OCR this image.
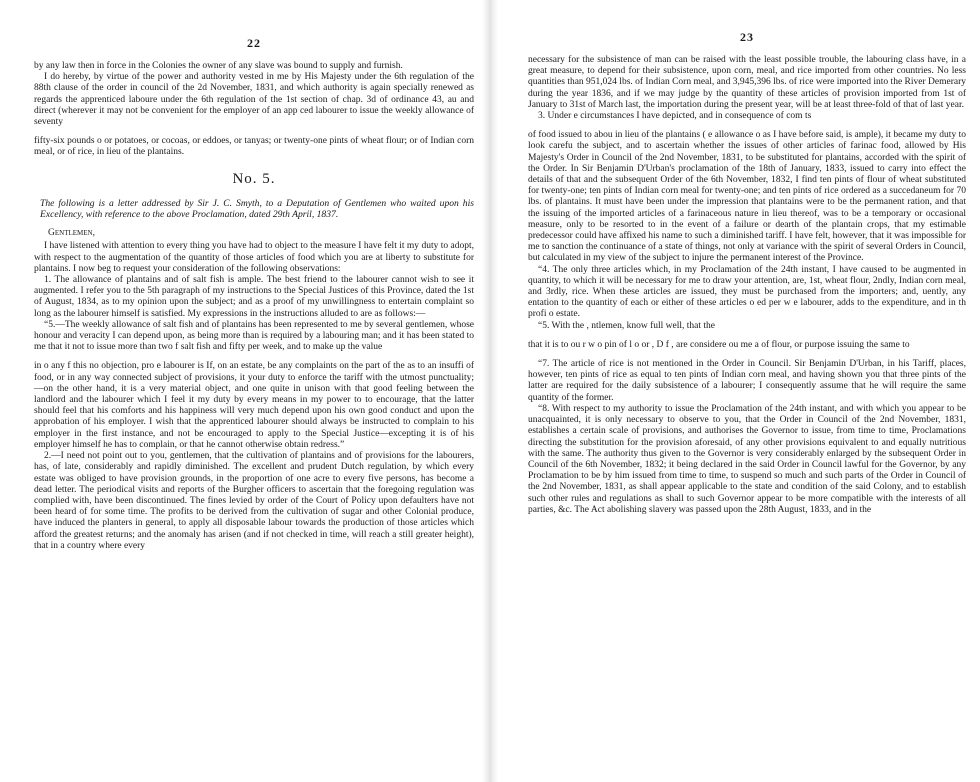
22

by any law then in force in the Colonies the owner of any slave was bound to supply and furnish.

I do hereby, by virtue of the power and authority vested in me by His Majesty under the 6th regulation of the 88th clause of the order in council of the 2d November, 1831, and which authority is again specially renewed as regards the apprenticed laboure under the 6th regulation of the 1st section of chap. 3d of ordinance 43, au and direct (wherever it may not be convenient for the employer of an app ced labourer to issue the weekly allowance of seventy

fifty-six pounds o or potatoes, or cocoas, or eddoes, or tanyas; or twenty-one pints of wheat flour; or of Indian corn meal, or of rice, in lieu of the plantains.

No. 5.

The following is a letter addressed by Sir J. C. Smyth, to a Deputation of Gentlemen who waited upon his Excellency, with reference to the above Proclamation, dated 29th April, 1837.

Gentlemen,

I have listened with attention to every thing you have had to object to the measure I have felt it my duty to adopt, with respect to the augmentation of the quantity of those articles of food which you are at liberty to substitute for plantains. I now beg to request your consideration of the following observations:

1. The allowance of plantains and of salt fish is ample. The best friend to the labourer cannot wish to see it augmented. I refer you to the 5th paragraph of my instructions to the Special Justices of this Province, dated the 1st of August, 1834, as to my opinion upon the subject; and as a proof of my unwillingness to entertain complaint so long as the labourer himself is satisfied. My expressions in the instructions alluded to are as follows:—

“5.—The weekly allowance of salt fish and of plantains has been represented to me by several gentlemen, whose honour and veracity I can depend upon, as being more than is required by a labouring man; and it has been stated to me that it not to issue more than two f salt fish and fifty per week, and to make up the value

in o any f this no objection, pro e labourer is If, on an estate, be any complaints on the part of the as to an insuffi of food, or in any way connected subject of provisions, it your duty to enforce the tariff with the utmost punctuality;—on the other hand, it is a very material object, and one quite in unison with that good feeling between the landlord and the labourer which I feel it my duty by every means in my power to to encourage, that the latter should feel that his comforts and his happiness will very much depend upon his own good conduct and upon the approbation of his employer. I wish that the apprenticed labourer should always be instructed to complain to his employer in the first instance, and not be encouraged to apply to the Special Justice—excepting it is of his employer himself he has to complain, or that he cannot otherwise obtain redress.”

2.—I need not point out to you, gentlemen, that the cultivation of plantains and of provisions for the labourers, has, of late, considerably and rapidly diminished. The excellent and prudent Dutch regulation, by which every estate was obliged to have provision grounds, in the proportion of one acre to every five persons, has become a dead letter. The periodical visits and reports of the Burgher officers to ascertain that the foregoing regulation was complied with, have been discontinued. The fines levied by order of the Court of Policy upon defaulters have not been heard of for some time. The profits to be derived from the cultivation of sugar and other Colonial produce, have induced the planters in general, to apply all disposable labour towards the production of those articles which afford the greatest returns; and the anomaly has arisen (and if not checked in time, will reach a still greater height), that in a country where every

23

necessary for the subsistence of man can be raised with the least possible trouble, the labouring class have, in a great measure, to depend for their subsistence, upon corn, meal, and rice imported from other countries. No less quantities than 951,024 lbs. of Indian Corn meal, and 3,945,396 lbs. of rice were imported into the River Demerary during the year 1836, and if we may judge by the quantity of these articles of provision imported from 1st of January to 31st of March last, the importation during the present year, will be at least three-fold of that of last year.

3. Under e circumstances I have depicted, and in consequence of com ts

of food issued to abou in lieu of the plantains ( e allowance o as I have before said, is ample), it became my duty to look carefu the subject, and to ascertain whether the issues of other articles of farinac food, allowed by His Majesty's Order in Council of the 2nd November, 1831, to be substituted for plantains, accorded with the spirit of the Order. In Sir Benjamin D'Urban's proclamation of the 18th of January, 1833, issued to carry into effect the details of that and the subsequent Order of the 6th November, 1832, I find ten pints of flour of wheat substituted for twenty-one; ten pints of Indian corn meal for twenty-one; and ten pints of rice ordered as a succedaneum for 70 lbs. of plantains. It must have been under the impression that plantains were to be the permanent ration, and that the issuing of the imported articles of a farinaceous nature in lieu thereof, was to be a temporary or occasional measure, only to be resorted to in the event of a failure or dearth of the plantain crops, that my estimable predecessor could have affixed his name to such a diminished tariff. I have felt, however, that it was impossible for me to sanction the continuance of a state of things, not only at variance with the spirit of several Orders in Council, but calculated in my view of the subject to injure the permanent interest of the Province.

“4. The only three articles which, in my Proclamation of the 24th instant, I have caused to be augmented in quantity, to which it will be necessary for me to draw your attention, are, 1st, wheat flour, 2ndly, Indian corn meal, and 3rdly, rice. When these articles are issued, they must be purchased from the importers; and, uently, any entation to the quantity of each or either of these articles o ed per w e labourer, adds to the expenditure, and in th profi o estate.

“5. With the , ntlemen, know full well, that the

that it is to ou r w o pin of l o or , D f , are considere ou me a of flour, or purpose issuing the same to

“7. The article of rice is not mentioned in the Order in Council. Sir Benjamin D'Urban, in his Tariff, places, however, ten pints of rice as equal to ten pints of Indian corn meal, and having shown you that three pints of the latter are required for the daily subsistence of a labourer; I consequently assume that he will require the same quantity of the former.

“8. With respect to my authority to issue the Proclamation of the 24th instant, and with which you appear to be unacquainted, it is only necessary to observe to you, that the Order in Council of the 2nd November, 1831, establishes a certain scale of provisions, and authorises the Governor to issue, from time to time, Proclamations directing the substitution for the provision aforesaid, of any other provisions equivalent to and equally nutritious with the same. The authority thus given to the Governor is very considerably enlarged by the subsequent Order in Council of the 6th November, 1832; it being declared in the said Order in Council lawful for the Governor, by any Proclamation to be by him issued from time to time, to suspend so much and such parts of the Order in Council of the 2nd November, 1831, as shall appear applicable to the state and condition of the said Colony, and to establish such other rules and regulations as shall to such Governor appear to be more compatible with the interests of all parties, &c. The Act abolishing slavery was passed upon the 28th August, 1833, and in the
